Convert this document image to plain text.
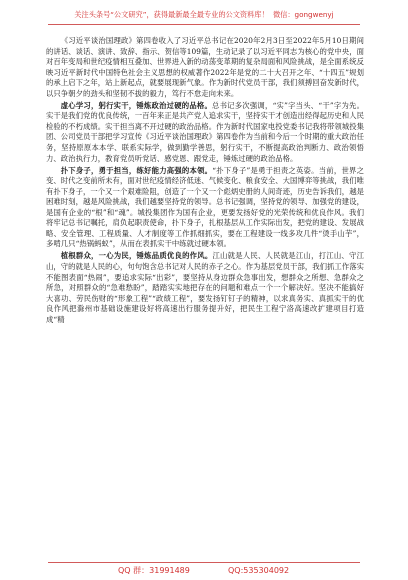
关注头条号“公文研究”，获得最新最全最专业的公文资料库！ 微信：gongwenyj

《习近平谈治国理政》第四卷收入了习近平总书记在2020年2月3日至2022年5月10日期间的讲话、谈话、演讲、致辞、指示、贺信等109篇，生动记录了以习近平同志为核心的党中央，面对百年变局和世纪疫情相互叠加、世界进入新的动荡变革期的复杂局面和风险挑战，是全面系统反映习近平新时代中国特色社会主义思想的权威著作2022年是党的二十大召开之年、“十四五”规划的承上启下之年，站上新起点，就要展现新气象。作为新时代党员干部，我们须搏回奋发新时代，以只争朝夕的劲头和坚韧不拔的毅力，笃行不怠走向未来。

虚心学习，躬行实干，锤炼政治过硬的品格。总书记多次强调，“实”字当头、“干”字为先。实干是我们党的优良传统，一百年来正是共产党人追求实干，坚持实干才创造出经得起历史和人民检验的不朽成绩。实干担当离不开过硬的政治品格。作为新时代国家电投党委书记我将带领城投集团、公司党员干部把学习宣传《习近平谈治国理政》第四卷作为当前和今后一个时期的重大政治任务，坚持原原本本学、联系实际学，做到勤学善思，躬行实干，不断提高政治判断力、政治领悟力、政治执行力，教育党员听党话、感党恩、跟党走，锤炼过硬的政治品格。

扑下身子，勇于担当，练好能力高强的本领。“扑下身子”是勇于担责之英姿。当前，世界之变、时代之变前所未有，面对世纪疫情经济低迷、气候变化、粮食安全、大国博弈等挑战，我们唯有扑下身子，一个又一个艰难险阻，创造了一个又一个彪炳史册的人间奇迹，历史告诉我们，越是困难时刻，越是风险挑战，我们越要坚持党的领导。总书记强调，坚持党的领导、加强党的建设，是国有企业的“根”和“魂”。城投集团作为国有企业，更要发扬好党的光荣传统和优良作风。我们将牢记总书记嘱托，肩负起职责使命，扑下身子，扎根基层从工作实际出发，把党的建设、发展战略、安全管理、工程质量、人才制度等工作抓细抓实，要在工程建设一线多攻几件“烫手山芋”，多啃几只“热锅蚂蚁”，从而在表抓实干中练就过硬本领。

植根群众，一心为民，锤炼品质优良的作风。江山就是人民、人民就是江山，打江山、守江山，守的就是人民的心，句句饱含总书记对人民的赤子之心。作为基层党员干部，我们抓工作落实不能图表面“热闹”，要追求实际“出彩”，要坚持从身边群众急事出发，想群众之所想、急群众之所急，对照群众的“急难愁盼”，踏踏实实地把存在的问题和难点一个一个解决好。坚决不能搞好大喜功、劳民伤财的“形象工程”“政绩工程”，要发扬钉钉子的精神，以求真务实、真抓实干的优良作风把滁州市基础设施建设好将高速出行服务提升好，把民生工程宁洛高速改扩建项目打造成“精

QQ 群：31991489	QQ:535304092
